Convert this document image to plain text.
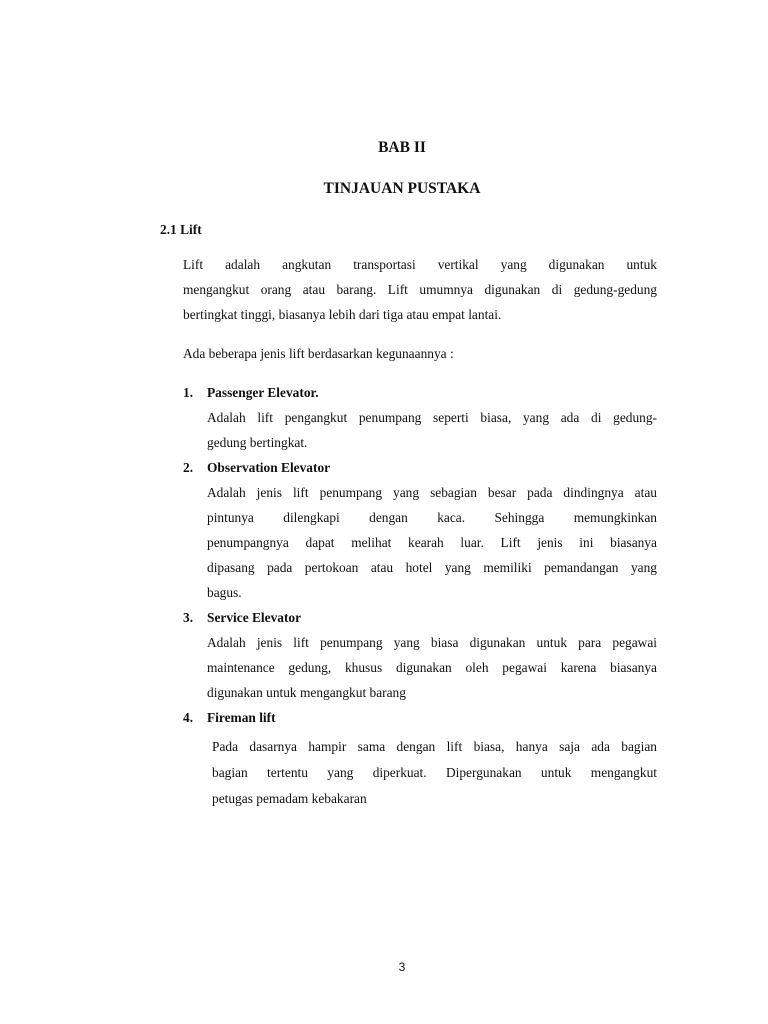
BAB II
TINJAUAN PUSTAKA
2.1 Lift

Lift adalah angkutan transportasi vertikal yang digunakan untuk

mengangkut orang atau barang. Lift umumnya digunakan di gedung-gedung

bertingkat tinggi, biasanya lebih dari tiga atau empat lantai.

Ada beberapa jenis lift berdasarkan kegunaannya :
1.	Passenger Elevator.

Adalah lift pengangkut penumpang seperti biasa, yang ada di gedung-

gedung bertingkat.

2.	Observation Elevator

Adalah jenis lift penumpang yang sebagian besar pada dindingnya atau

pintunya dilengkapi dengan kaca. Sehingga memungkinkan

penumpangnya dapat melihat kearah luar. Lift jenis ini biasanya

dipasang pada pertokoan atau hotel yang memiliki pemandangan yang

bagus.

3.	Service Elevator

Adalah jenis lift penumpang yang biasa digunakan untuk para pegawai

maintenance gedung, khusus digunakan oleh pegawai karena biasanya

digunakan untuk mengangkut barang

4.	Fireman lift

Pada dasarnya hampir sama dengan lift biasa, hanya saja ada bagian

bagian tertentu yang diperkuat. Dipergunakan untuk mengangkut

petugas pemadam kebakaran

3
